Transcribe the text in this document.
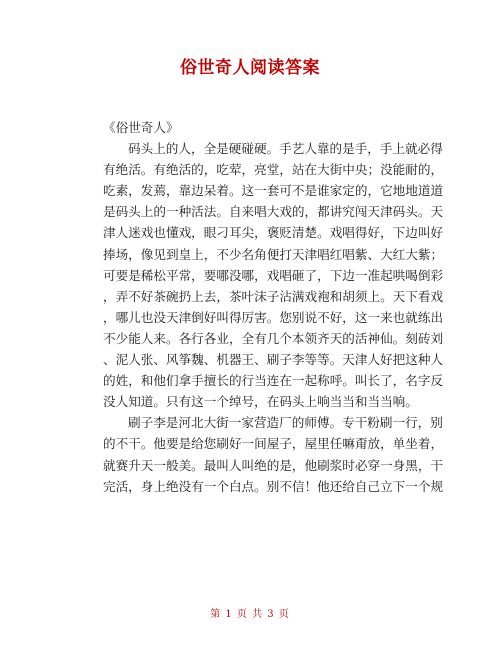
俗世奇人阅读答案
《俗世奇人》
码头上的人，全是硬碰硬。手艺人靠的是手，手上就必得
有绝活。有绝活的，吃荤，亮堂，站在大街中央；没能耐的，
吃素，发蔫，靠边呆着。这一套可不是谁家定的，它地地道道
是码头上的一种活法。自来唱大戏的，都讲究闯天津码头。天
津人迷戏也懂戏，眼刁耳尖，褒贬清楚。戏唱得好，下边叫好
捧场，像见到皇上，不少名角便打天津唱红唱紫、大红大紫；
可要是稀松平常，要哪没哪，戏唱砸了，下边一准起哄喝倒彩
，弄不好茶碗扔上去，茶叶沫子沾满戏袍和胡须上。天下看戏
，哪儿也没天津倒好叫得厉害。您别说不好，这一来也就练出
不少能人来。各行各业，全有几个本领齐天的活神仙。刻砖刘
、泥人张、风筝魏、机器王、刷子李等等。天津人好把这种人
的姓，和他们拿手擅长的行当连在一起称呼。叫长了，名字反
没人知道。只有这一个绰号，在码头上响当当和当当响。
刷子李是河北大街一家营造厂的师傅。专干粉刷一行，别
的不干。他要是给您刷好一间屋子，屋里任嘛甭放，单坐着，
就赛升天一般美。最叫人叫绝的是，他刷浆时必穿一身黑，干
完活，身上绝没有一个白点。别不信！他还给自己立下一个规
第 1 页 共 3 页
